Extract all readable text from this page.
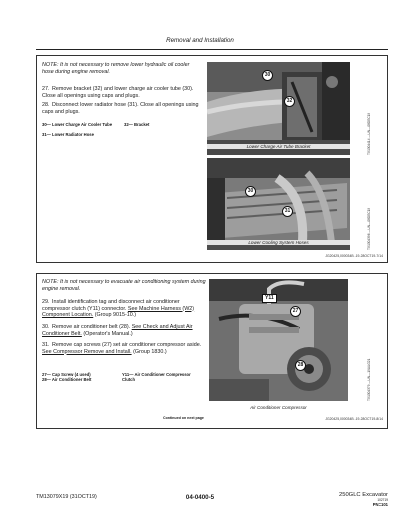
Removal and Installation
NOTE: It is not necessary to remove lower hydraulic oil cooler hose during engine removal.
27. Remove bracket (32) and lower charge air cooler tube (30). Close all openings using caps and plugs.
28. Disconnect lower radiator hose (31). Close all openings using caps and plugs.
30— Lower Charge Air Cooler Tube
31— Lower Radiator Hose
32— Bracket
Lower Charge Air Tube Bracket
30
32
TX1304414 —UN—08DEC19
Lower Cooling System Hoses
30
31	TX1304396 —UN—08DEC19
JG20425,000034B -19-28OCT19-7/14
NOTE: It is not necessary to evacuate air conditioning system during engine removal.
29. Install identification tag and disconnect air conditioner compressor clutch (Y11) connector. See Machine Harness (W2) Component Location. (Group 9015-10.)
30. Remove air conditioner belt (28). See Check and Adjust Air Conditioner Belt. (Operator's Manual.)
31. Remove cap screws (27) set air conditioner compressor aside. See Compressor Remove and Install. (Group 1830.)
27— Cap Screw (4 used)
28— Air Conditioner Belt
Y11— Air Conditioner Compressor Clutch
Y11
27
28	TX1304379 —UN—19AUG21
Air Conditioner Compressor
Continued on next page	JG20425,000034B -19-28OCT19-8/14
TM13079X19 (31OCT19)	04-0400-5	250GLC Excavator
102719
PN=101
